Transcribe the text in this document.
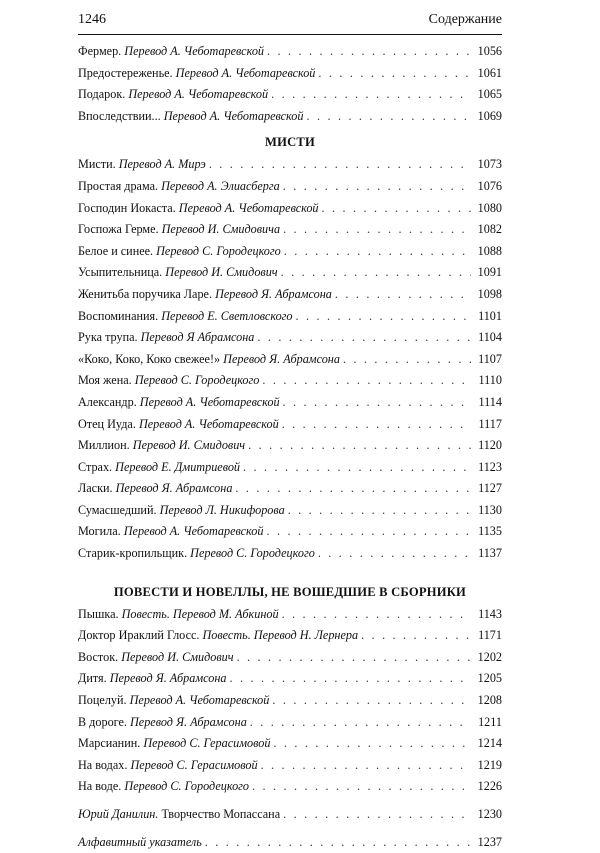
1246	Содержание
Фермер. Перевод А. Чеботаревской . . .	1056
Предостереженье. Перевод А. Чеботаревской . . .	1061
Подарок. Перевод А. Чеботаревской . . .	1065
Впоследствии... Перевод А. Чеботаревской . . .	1069
МИСТИ
Мисти. Перевод А. Мирэ . . .	1073
Простая драма. Перевод А. Элиасберга . . .	1076
Господин Иокаста. Перевод А. Чеботаревской . . .	1080
Госпожа Герме. Перевод И. Смидовича . . .	1082
Белое и синее. Перевод С. Городецкого . . .	1088
Усыпительница. Перевод И. Смидович . . .	1091
Женитьба поручика Ларе. Перевод Я. Абрамсона . . .	1098
Воспоминания. Перевод Е. Светловского . . .	1101
Рука трупа. Перевод Я Абрамсона . . .	1104
«Коко, Коко, Коко свежее!» Перевод Я. Абрамсона . . .	1107
Моя жена. Перевод С. Городецкого . . .	1110
Александр. Перевод А. Чеботаревской . . .	1114
Отец Иуда. Перевод А. Чеботаревской . . .	1117
Миллион. Перевод И. Смидович . . .	1120
Страх. Перевод Е. Дмитриевой . . .	1123
Ласки. Перевод Я. Абрамсона . . .	1127
Сумасшедший. Перевод Л. Никифорова . . .	1130
Могила. Перевод А. Чеботаревской . . .	1135
Старик-кропильщик. Перевод С. Городецкого . . .	1137
ПОВЕСТИ И НОВЕЛЛЫ, НЕ ВОШЕДШИЕ В СБОРНИКИ
Пышка. Повесть. Перевод М. Абкиной . . .	1143
Доктор Ираклий Глосс. Повесть. Перевод Н. Лернера . . .	1171
Восток. Перевод И. Смидович . . .	1202
Дитя. Перевод Я. Абрамсона . . .	1205
Поцелуй. Перевод А. Чеботаревской . . .	1208
В дороге. Перевод Я. Абрамсона . . .	1211
Марсианин. Перевод С. Герасимовой . . .	1214
На водах. Перевод С. Герасимовой . . .	1219
На воде. Перевод С. Городецкого . . .	1226
Юрий Данилин. Творчество Мопассана . . .	1230
Алфавитный указатель . . .	1237
